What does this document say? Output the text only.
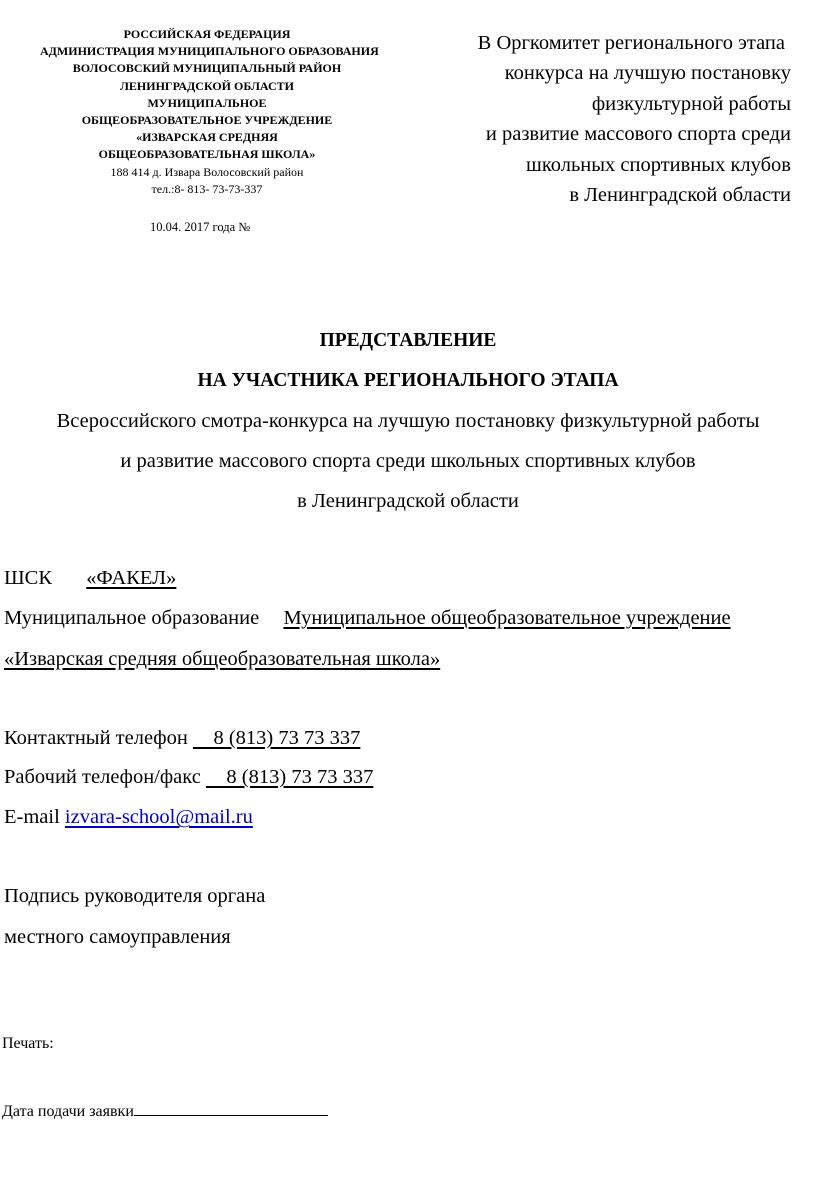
РОССИЙСКАЯ ФЕДЕРАЦИЯ
АДМИНИСТРАЦИЯ МУНИЦИПАЛЬНОГО ОБРАЗОВАНИЯ
ВОЛОСОВСКИЙ МУНИЦИПАЛЬНЫЙ РАЙОН
ЛЕНИНГРАДСКОЙ ОБЛАСТИ
МУНИЦИПАЛЬНОЕ
ОБЩЕОБРАЗОВАТЕЛЬНОЕ УЧРЕЖДЕНИЕ
«ИЗВАРСКАЯ СРЕДНЯЯ
ОБЩЕОБРАЗОВАТЕЛЬНАЯ ШКОЛА»
188 414 д. Извара Волосовский район
тел.:8- 813- 73-73-337
10.04. 2017 года №
В Оргкомитет регионального этапа
конкурса на лучшую постановку
физкультурной работы
и развитие массового спорта среди
школьных спортивных клубов
в Ленинградской области
ПРЕДСТАВЛЕНИЕ
НА УЧАСТНИКА РЕГИОНАЛЬНОГО ЭТАПА
Всероссийского смотра-конкурса на лучшую постановку физкультурной работы
и развитие массового спорта среди школьных спортивных клубов
в Ленинградской области
ШСК «ФАКЕЛ»
Муниципальное образование Муниципальное общеобразовательное учреждение
«Изварская средняя общеобразовательная школа»
Контактный телефон 8 (813) 73 73 337
Рабочий телефон/факс 8 (813) 73 73 337
E-mail izvara-school@mail.ru
Подпись руководителя органа
местного самоуправления
Печать:
Дата подачи заявки
